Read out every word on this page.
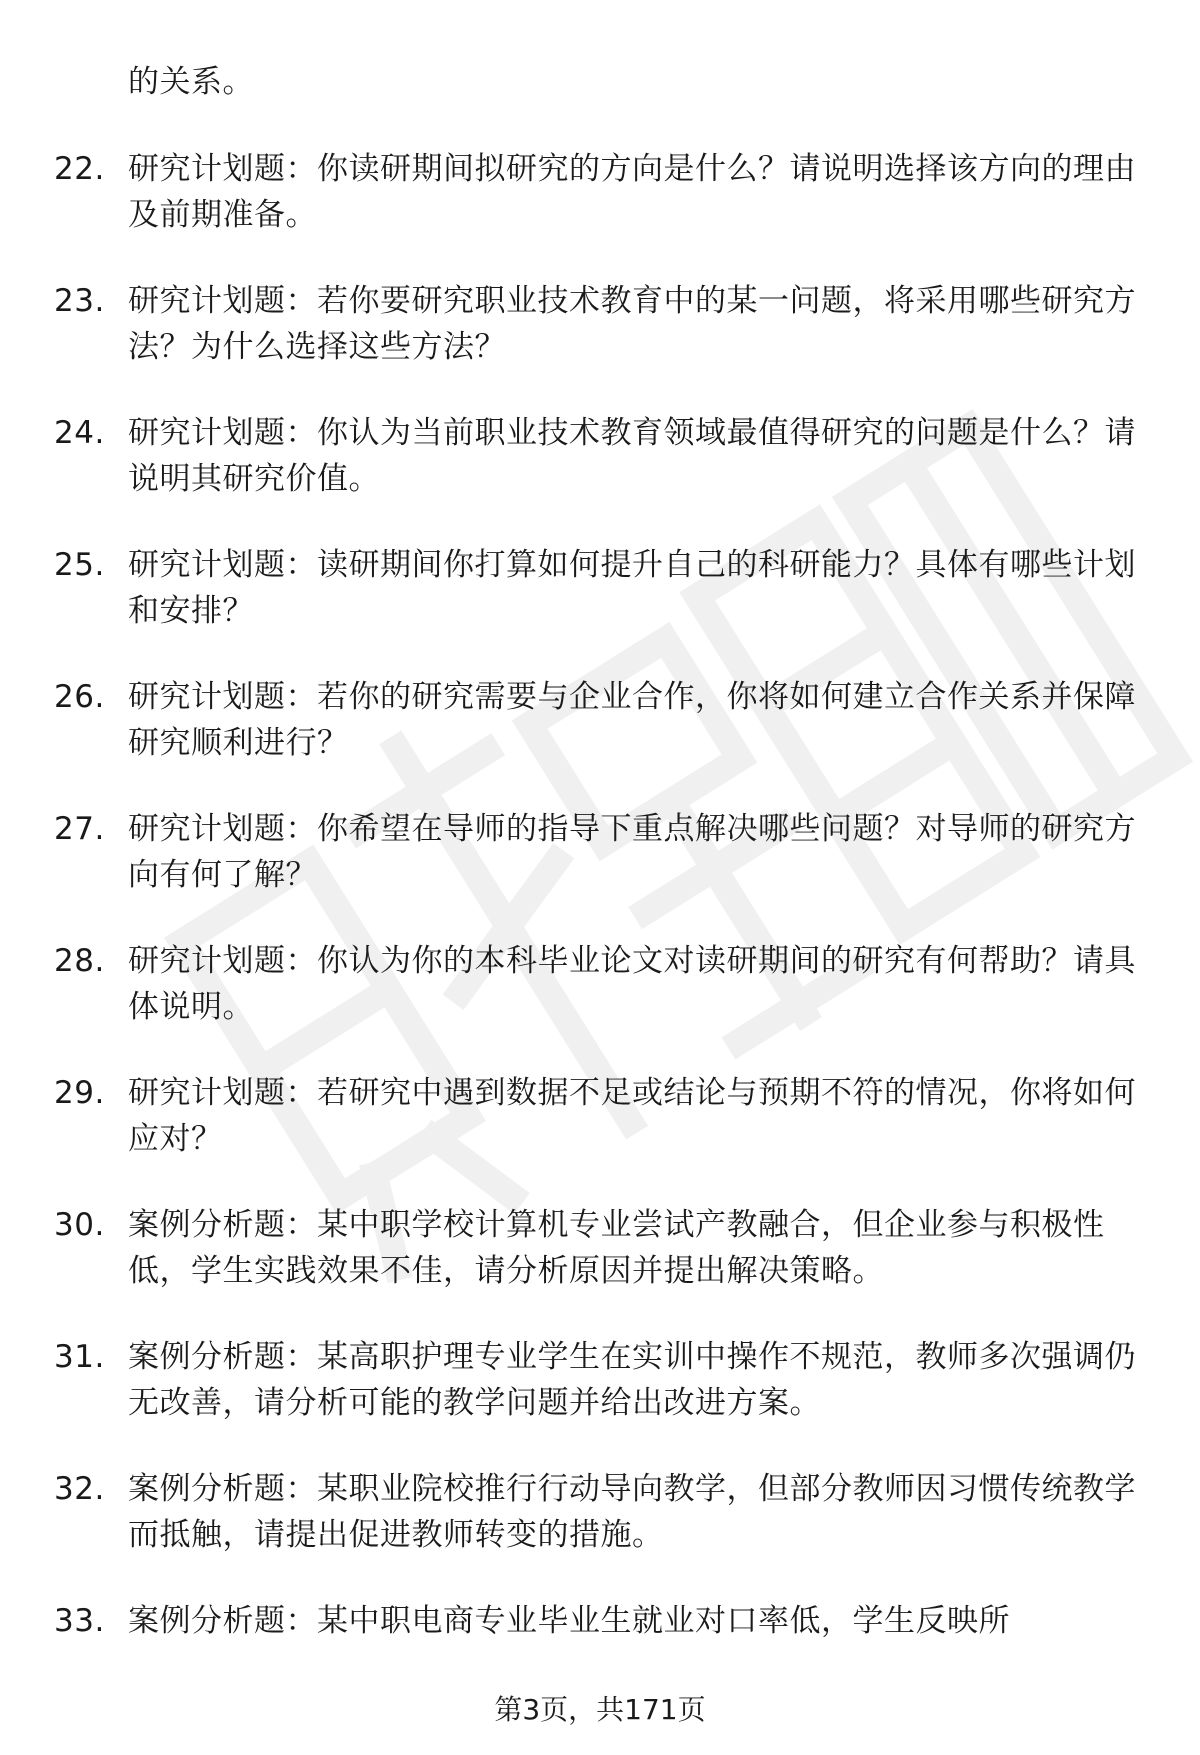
的关系。
22. 研究计划题：你读研期间拟研究的方向是什么？请说明选择该方向的理由及前期准备。
23. 研究计划题：若你要研究职业技术教育中的某一问题，将采用哪些研究方法？为什么选择这些方法？
24. 研究计划题：你认为当前职业技术教育领域最值得研究的问题是什么？请说明其研究价值。
25. 研究计划题：读研期间你打算如何提升自己的科研能力？具体有哪些计划和安排？
26. 研究计划题：若你的研究需要与企业合作，你将如何建立合作关系并保障研究顺利进行？
27. 研究计划题：你希望在导师的指导下重点解决哪些问题？对导师的研究方向有何了解？
28. 研究计划题：你认为你的本科毕业论文对读研期间的研究有何帮助？请具体说明。
29. 研究计划题：若研究中遇到数据不足或结论与预期不符的情况，你将如何应对？
30. 案例分析题：某中职学校计算机专业尝试产教融合，但企业参与积极性低，学生实践效果不佳，请分析原因并提出解决策略。
31. 案例分析题：某高职护理专业学生在实训中操作不规范，教师多次强调仍无改善，请分析可能的教学问题并给出改进方案。
32. 案例分析题：某职业院校推行行动导向教学，但部分教师因习惯传统教学而抵触，请提出促进教师转变的措施。
33. 案例分析题：某中职电商专业毕业生就业对口率低，学生反映所
第3页，共171页
